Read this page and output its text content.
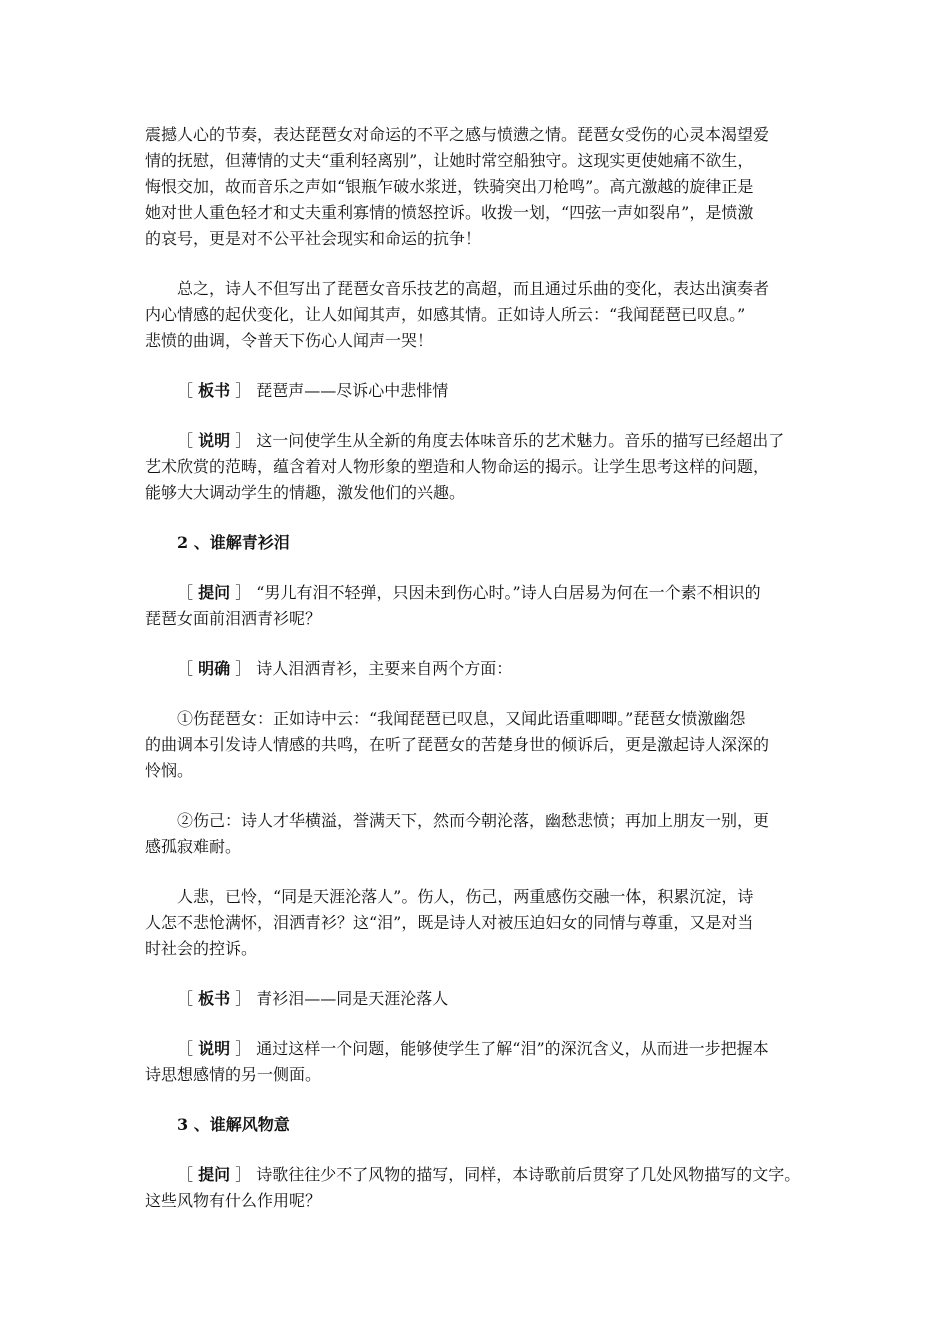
震撼人心的节奏，表达琵琶女对命运的不平之感与愤懑之情。琵琶女受伤的心灵本渴望爱
情的抚慰，但薄情的丈夫“重利轻离别”，让她时常空船独守。这现实更使她痛不欲生，
悔恨交加，故而音乐之声如“银瓶乍破水浆迸，铁骑突出刀枪鸣”。高亢激越的旋律正是
她对世人重色轻才和丈夫重利寡情的愤怒控诉。收拨一划，“四弦一声如裂帛”，是愤激
的哀号，更是对不公平社会现实和命运的抗争！

总之，诗人不但写出了琵琶女音乐技艺的高超，而且通过乐曲的变化，表达出演奏者
内心情感的起伏变化，让人如闻其声，如感其情。正如诗人所云：“我闻琵琶已叹息。”
悲愤的曲调，令普天下伤心人闻声一哭！

［ 板书 ］ 琵琶声——尽诉心中悲悱情

［ 说明 ］ 这一问使学生从全新的角度去体味音乐的艺术魅力。音乐的描写已经超出了
艺术欣赏的范畴，蕴含着对人物形象的塑造和人物命运的揭示。让学生思考这样的问题，
能够大大调动学生的情趣，激发他们的兴趣。

2 、谁解青衫泪

［ 提问 ］ “男儿有泪不轻弹，只因未到伤心时。”诗人白居易为何在一个素不相识的
琵琶女面前泪洒青衫呢？

［ 明确 ］ 诗人泪洒青衫，主要来自两个方面：

①伤琵琶女：正如诗中云：“我闻琵琶已叹息，又闻此语重唧唧。”琵琶女愤激幽怨
的曲调本引发诗人情感的共鸣，在听了琵琶女的苦楚身世的倾诉后，更是激起诗人深深的
怜悯。

②伤己：诗人才华横溢，誉满天下，然而今朝沦落，幽愁悲愤；再加上朋友一别，更
感孤寂难耐。

人悲，已怜，“同是天涯沦落人”。伤人，伤己，两重感伤交融一体，积累沉淀，诗
人怎不悲怆满怀，泪洒青衫？这“泪”，既是诗人对被压迫妇女的同情与尊重，又是对当
时社会的控诉。

［ 板书 ］ 青衫泪——同是天涯沦落人

［ 说明 ］ 通过这样一个问题，能够使学生了解“泪”的深沉含义，从而进一步把握本
诗思想感情的另一侧面。

3 、谁解风物意

［ 提问 ］ 诗歌往往少不了风物的描写，同样，本诗歌前后贯穿了几处风物描写的文字。
这些风物有什么作用呢？
